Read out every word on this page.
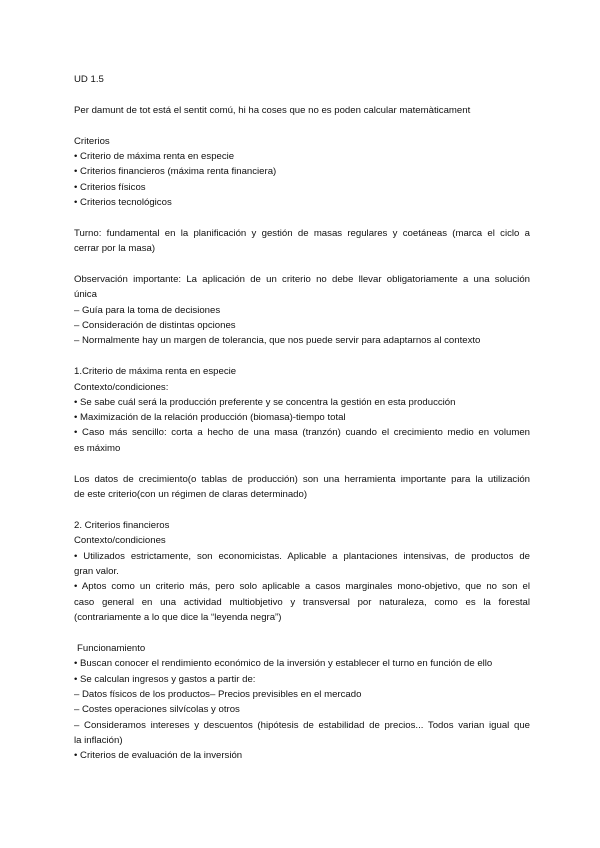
UD 1.5
Per damunt de tot está el sentit comú, hi ha coses que no es poden calcular matemàticament
Criterios
• Criterio de máxima renta en especie
• Criterios financieros (máxima renta financiera)
• Criterios físicos
• Criterios tecnológicos
Turno: fundamental en la planificación y gestión de masas regulares y coetáneas (marca el ciclo a
cerrar por la masa)
Observación importante: La aplicación de un criterio no debe llevar obligatoriamente a una solución
única
– Guía para la toma de decisiones
– Consideración de distintas opciones
– Normalmente hay un margen de tolerancia, que nos puede servir para adaptarnos al contexto
1.Criterio de máxima renta en especie
Contexto/condiciones:
• Se sabe cuál será la producción preferente y se concentra la gestión en esta producción
• Maximización de la relación producción (biomasa)-tiempo total
• Caso más sencillo: corta a hecho de una masa (tranzón) cuando el crecimiento medio en volumen
es máximo
Los datos de crecimiento(o tablas de producción) son una herramienta importante para la utilización
de este criterio(con un régimen de claras determinado)
2. Criterios financieros
Contexto/condiciones
• Utilizados estrictamente, son economicistas. Aplicable a plantaciones intensivas, de productos de
gran valor.
• Aptos como un criterio más, pero solo aplicable a casos marginales mono-objetivo, que no son el
caso general en una actividad multiobjetivo y transversal por naturaleza, como es la forestal
(contrariamente a lo que dice la “leyenda negra”)
Funcionamiento
• Buscan conocer el rendimiento económico de la inversión y establecer el turno en función de ello
• Se calculan ingresos y gastos a partir de:
– Datos físicos de los productos– Precios previsibles en el mercado
– Costes operaciones silvícolas y otros
– Consideramos intereses y descuentos (hipótesis de estabilidad de precios... Todos varian igual que
la inflación)
• Criterios de evaluación de la inversión
